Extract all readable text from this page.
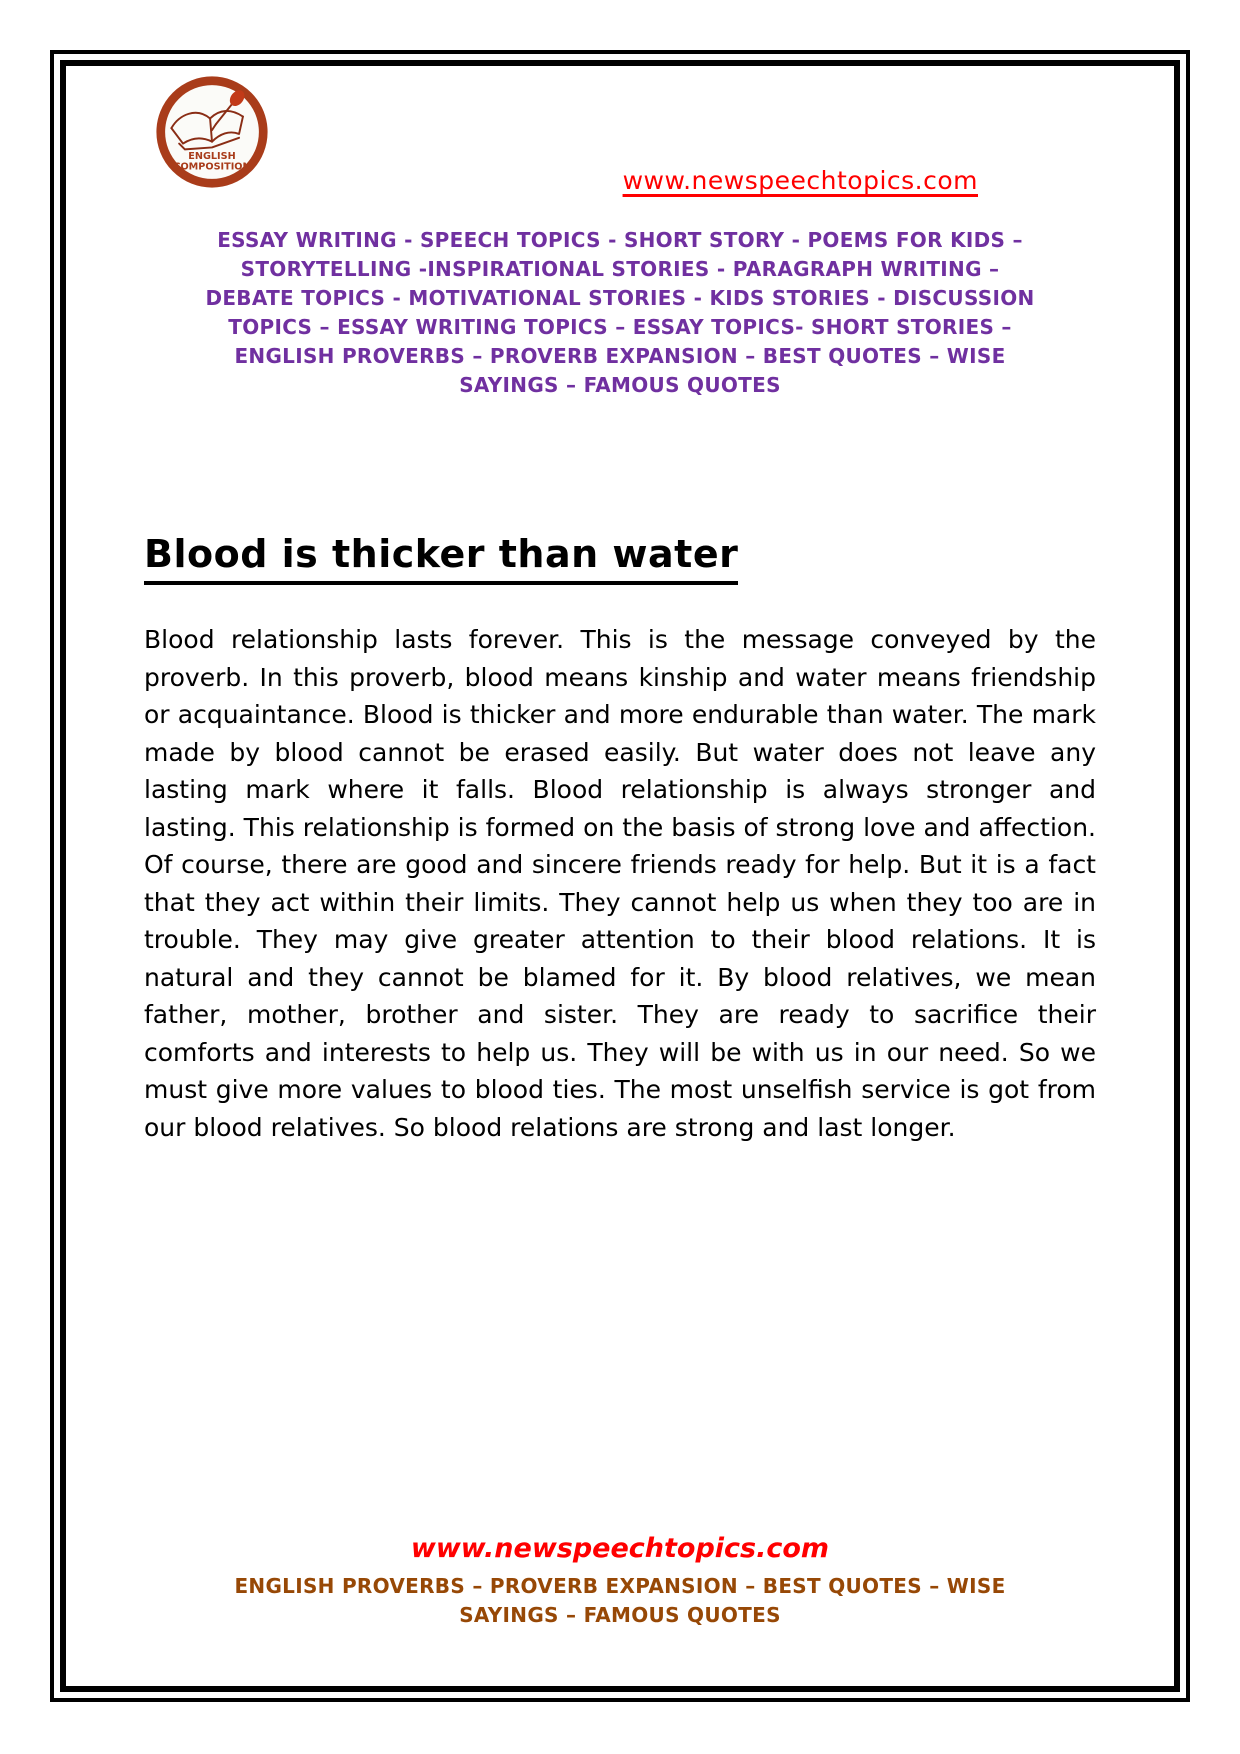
ENGLISH
COMPOSITION	www.newspeechtopics.com
ESSAY WRITING - SPEECH TOPICS - SHORT STORY - POEMS FOR KIDS –
STORYTELLING -INSPIRATIONAL STORIES - PARAGRAPH WRITING –
DEBATE TOPICS - MOTIVATIONAL STORIES - KIDS STORIES - DISCUSSION
TOPICS – ESSAY WRITING TOPICS – ESSAY TOPICS- SHORT STORIES –
ENGLISH PROVERBS – PROVERB EXPANSION – BEST QUOTES – WISE
SAYINGS – FAMOUS QUOTES
Blood is thicker than water

Blood relationship lasts forever. This is the message conveyed by the proverb. In this proverb, blood means kinship and water means friendship or acquaintance. Blood is thicker and more endurable than water. The mark made by blood cannot be erased easily. But water does not leave any lasting mark where it falls. Blood relationship is always stronger and lasting. This relationship is formed on the basis of strong love and affection. Of course, there are good and sincere friends ready for help. But it is a fact that they act within their limits. They cannot help us when they too are in trouble. They may give greater attention to their blood relations. It is natural and they cannot be blamed for it. By blood relatives, we mean father, mother, brother and sister. They are ready to sacrifice their comforts and interests to help us. They will be with us in our need. So we must give more values to blood ties. The most unselfish service is got from our blood relatives. So blood relations are strong and last longer.

www.newspeechtopics.com
ENGLISH PROVERBS – PROVERB EXPANSION – BEST QUOTES – WISE
SAYINGS – FAMOUS QUOTES
